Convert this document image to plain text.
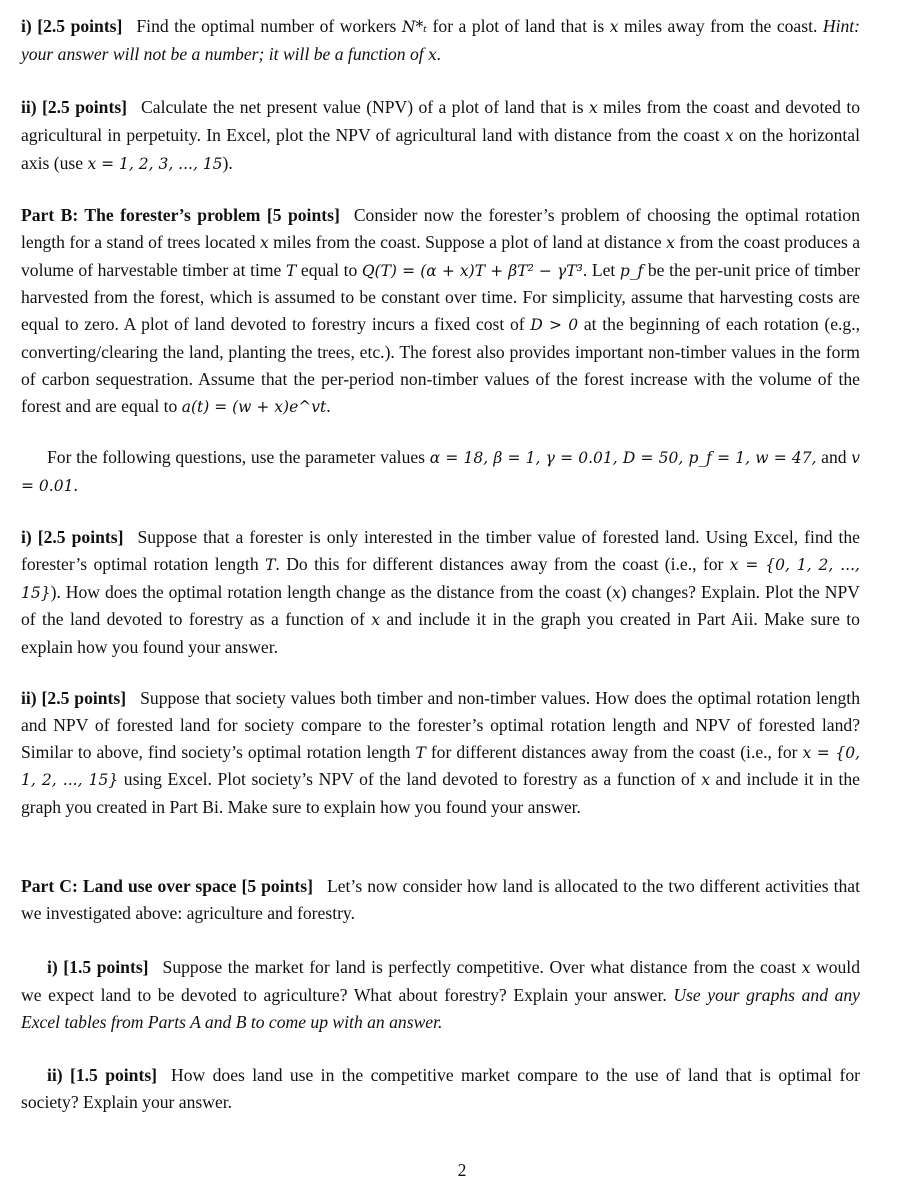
i) [2.5 points] Find the optimal number of workers N*ₜ for a plot of land that is x miles away from the coast. Hint: your answer will not be a number; it will be a function of x.
ii) [2.5 points] Calculate the net present value (NPV) of a plot of land that is x miles from the coast and devoted to agricultural in perpetuity. In Excel, plot the NPV of agricultural land with distance from the coast x on the horizontal axis (use x = 1, 2, 3, ..., 15).
Part B: The forester’s problem [5 points] Consider now the forester’s problem of choosing the optimal rotation length for a stand of trees located x miles from the coast. Suppose a plot of land at distance x from the coast produces a volume of harvestable timber at time T equal to Q(T) = (α + x)T + βT² − γT³. Let p_f be the per-unit price of timber harvested from the forest, which is assumed to be constant over time. For simplicity, assume that harvesting costs are equal to zero. A plot of land devoted to forestry incurs a fixed cost of D > 0 at the beginning of each rotation (e.g., converting/clearing the land, planting the trees, etc.). The forest also provides important non-timber values in the form of carbon sequestration. Assume that the per-period non-timber values of the forest increase with the volume of the forest and are equal to a(t) = (w + x)e^vt.
For the following questions, use the parameter values α = 18, β = 1, γ = 0.01, D = 50, p_f = 1, w = 47, and v = 0.01.
i) [2.5 points] Suppose that a forester is only interested in the timber value of forested land. Using Excel, find the forester’s optimal rotation length T. Do this for different distances away from the coast (i.e., for x = {0, 1, 2, ..., 15}). How does the optimal rotation length change as the distance from the coast (x) changes? Explain. Plot the NPV of the land devoted to forestry as a function of x and include it in the graph you created in Part Aii. Make sure to explain how you found your answer.
ii) [2.5 points] Suppose that society values both timber and non-timber values. How does the optimal rotation length and NPV of forested land for society compare to the forester’s optimal rotation length and NPV of forested land? Similar to above, find society’s optimal rotation length T for different distances away from the coast (i.e., for x = {0, 1, 2, ..., 15} using Excel. Plot society’s NPV of the land devoted to forestry as a function of x and include it in the graph you created in Part Bi. Make sure to explain how you found your answer.
Part C: Land use over space [5 points] Let’s now consider how land is allocated to the two different activities that we investigated above: agriculture and forestry.
i) [1.5 points] Suppose the market for land is perfectly competitive. Over what distance from the coast x would we expect land to be devoted to agriculture? What about forestry? Explain your answer. Use your graphs and any Excel tables from Parts A and B to come up with an answer.
ii) [1.5 points] How does land use in the competitive market compare to the use of land that is optimal for society? Explain your answer.
2
